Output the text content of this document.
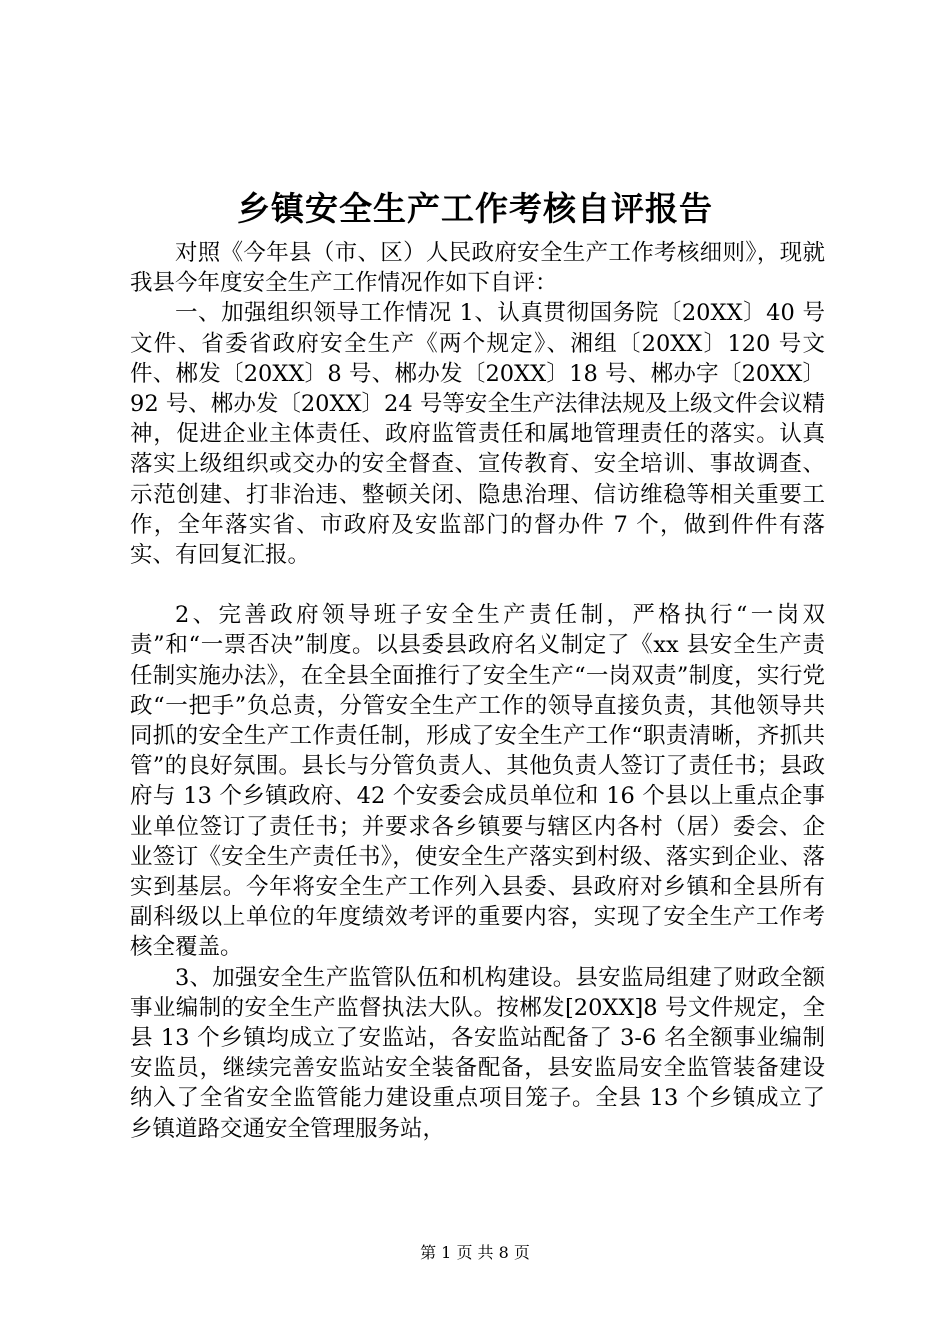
乡镇安全生产工作考核自评报告

对照《今年县（市、区）人民政府安全生产工作考核细则》，现就我县今年度安全生产工作情况作如下自评：

一、加强组织领导工作情况 1、认真贯彻国务院〔20XX〕40 号文件、省委省政府安全生产《两个规定》、湘组〔20XX〕120 号文件、郴发〔20XX〕8 号、郴办发〔20XX〕18 号、郴办字〔20XX〕92 号、郴办发〔20XX〕24 号等安全生产法律法规及上级文件会议精神，促进企业主体责任、政府监管责任和属地管理责任的落实。认真落实上级组织或交办的安全督查、宣传教育、安全培训、事故调查、示范创建、打非治违、整顿关闭、隐患治理、信访维稳等相关重要工作，全年落实省、市政府及安监部门的督办件 7 个，做到件件有落实、有回复汇报。

2、完善政府领导班子安全生产责任制，严格执行“一岗双责”和“一票否决”制度。以县委县政府名义制定了《xx 县安全生产责任制实施办法》，在全县全面推行了安全生产“一岗双责”制度，实行党政“一把手”负总责，分管安全生产工作的领导直接负责，其他领导共同抓的安全生产工作责任制，形成了安全生产工作“职责清晰，齐抓共管”的良好氛围。县长与分管负责人、其他负责人签订了责任书；县政府与 13 个乡镇政府、42 个安委会成员单位和 16 个县以上重点企事业单位签订了责任书；并要求各乡镇要与辖区内各村（居）委会、企业签订《安全生产责任书》，使安全生产落实到村级、落实到企业、落实到基层。今年将安全生产工作列入县委、县政府对乡镇和全县所有副科级以上单位的年度绩效考评的重要内容，实现了安全生产工作考核全覆盖。

3、加强安全生产监管队伍和机构建设。县安监局组建了财政全额事业编制的安全生产监督执法大队。按郴发[20XX]8 号文件规定，全县 13 个乡镇均成立了安监站，各安监站配备了 3-6 名全额事业编制安监员，继续完善安监站安全装备配备，县安监局安全监管装备建设纳入了全省安全监管能力建设重点项目笼子。全县 13 个乡镇成立了乡镇道路交通安全管理服务站，

第 1 页 共 8 页
